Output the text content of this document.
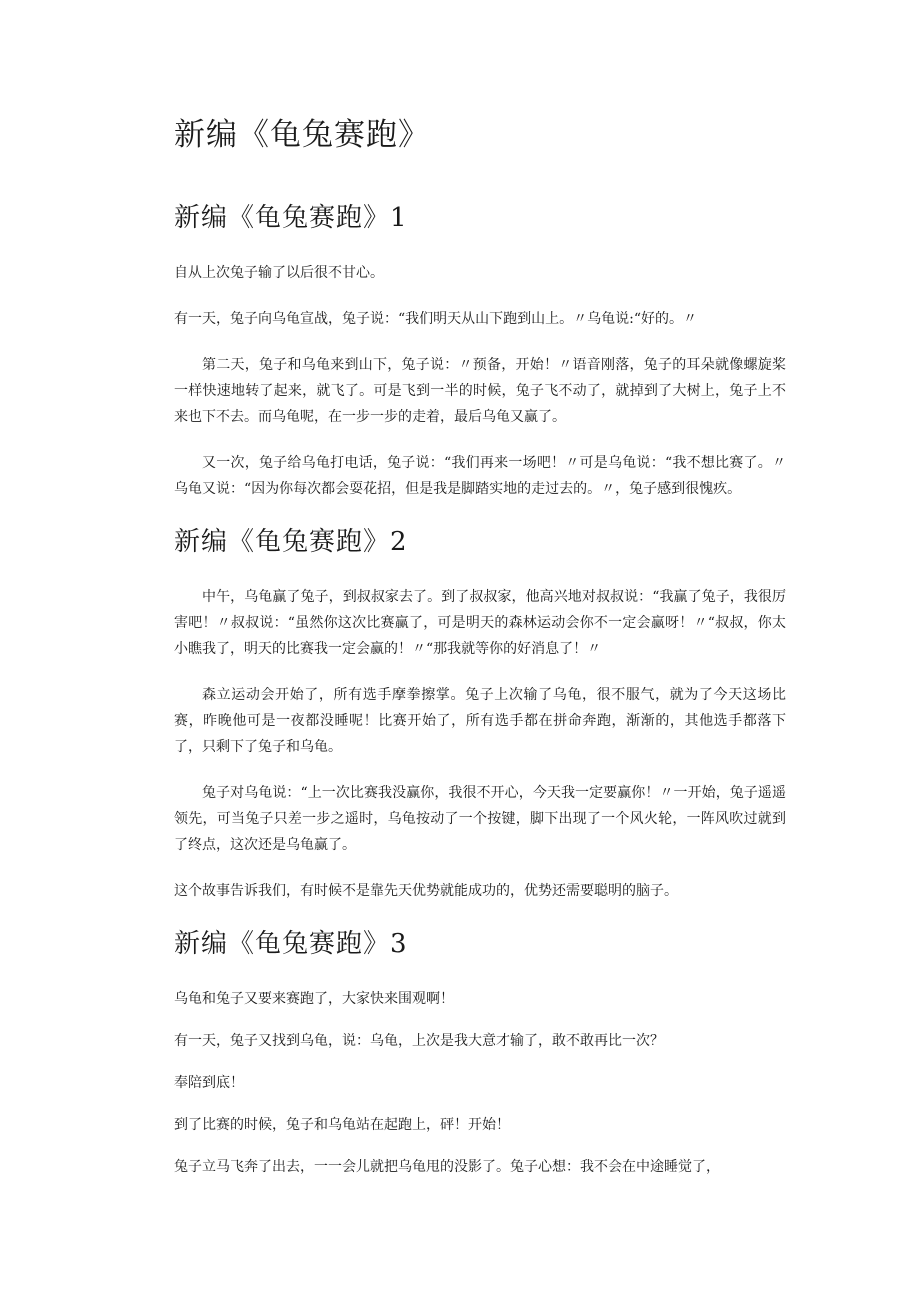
新编《龟兔赛跑》
新编《龟兔赛跑》1

自从上次兔子输了以后很不甘心。

有一天，兔子向乌龟宣战，兔子说：“我们明天从山下跑到山上。〃乌龟说:“好的。〃

第二天，兔子和乌龟来到山下，兔子说：〃预备，开始！〃语音刚落，兔子的耳朵就像螺旋桨一样快速地转了起来，就飞了。可是飞到一半的时候，兔子飞不动了，就掉到了大树上，兔子上不来也下不去。而乌龟呢，在一步一步的走着，最后乌龟又赢了。

又一次，兔子给乌龟打电话，兔子说：“我们再来一场吧！〃可是乌龟说：“我不想比赛了。〃乌龟又说：“因为你每次都会耍花招，但是我是脚踏实地的走过去的。〃，兔子感到很愧疚。

新编《龟兔赛跑》2

中午，乌龟赢了兔子，到叔叔家去了。到了叔叔家，他高兴地对叔叔说：“我赢了兔子，我很厉害吧！〃叔叔说：“虽然你这次比赛赢了，可是明天的森林运动会你不一定会赢呀！〃“叔叔，你太小瞧我了，明天的比赛我一定会赢的！〃“那我就等你的好消息了！〃

森立运动会开始了，所有选手摩拳擦掌。兔子上次输了乌龟，很不服气，就为了今天这场比赛，昨晚他可是一夜都没睡呢！比赛开始了，所有选手都在拼命奔跑，渐渐的，其他选手都落下了，只剩下了兔子和乌龟。

兔子对乌龟说：“上一次比赛我没赢你，我很不开心，今天我一定要赢你！〃一开始，兔子遥遥领先，可当兔子只差一步之遥时，乌龟按动了一个按键，脚下出现了一个风火轮，一阵风吹过就到了终点，这次还是乌龟赢了。

这个故事告诉我们，有时候不是靠先天优势就能成功的，优势还需要聪明的脑子。

新编《龟兔赛跑》3

乌龟和兔子又要来赛跑了，大家快来围观啊！

有一天，兔子又找到乌龟，说：乌龟，上次是我大意才输了，敢不敢再比一次？

奉陪到底！

到了比赛的时候，兔子和乌龟站在起跑上，砰！开始！

兔子立马飞奔了出去，一一会儿就把乌龟甩的没影了。兔子心想：我不会在中途睡觉了，
